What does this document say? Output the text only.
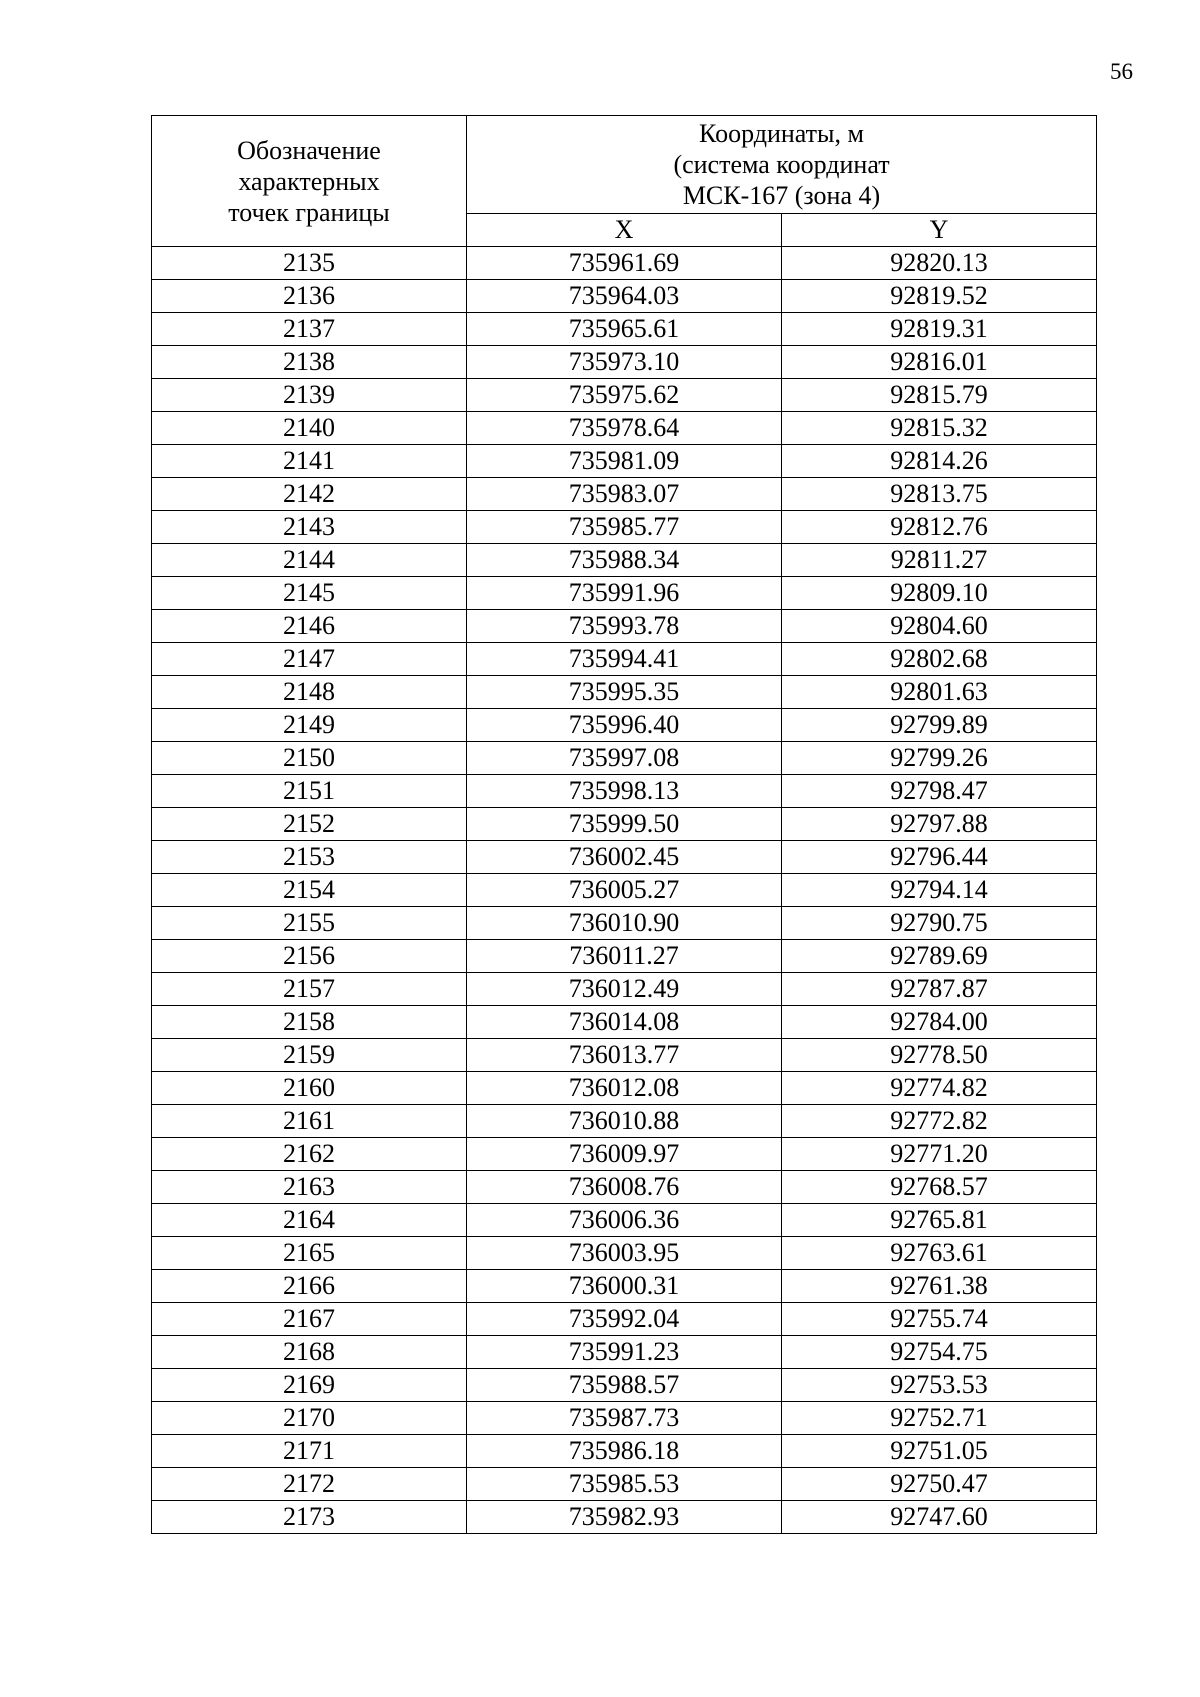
56
Обозначение
характерных
точек границы	Координаты, м
(система координат
МСК-167 (зона 4)	

	X	Y
2135	735961.69	92820.13
2136	735964.03	92819.52
2137	735965.61	92819.31
2138	735973.10	92816.01
2139	735975.62	92815.79
2140	735978.64	92815.32
2141	735981.09	92814.26
2142	735983.07	92813.75
2143	735985.77	92812.76
2144	735988.34	92811.27
2145	735991.96	92809.10
2146	735993.78	92804.60
2147	735994.41	92802.68
2148	735995.35	92801.63
2149	735996.40	92799.89
2150	735997.08	92799.26
2151	735998.13	92798.47
2152	735999.50	92797.88
2153	736002.45	92796.44
2154	736005.27	92794.14
2155	736010.90	92790.75
2156	736011.27	92789.69
2157	736012.49	92787.87
2158	736014.08	92784.00
2159	736013.77	92778.50
2160	736012.08	92774.82
2161	736010.88	92772.82
2162	736009.97	92771.20
2163	736008.76	92768.57
2164	736006.36	92765.81
2165	736003.95	92763.61
2166	736000.31	92761.38
2167	735992.04	92755.74
2168	735991.23	92754.75
2169	735988.57	92753.53
2170	735987.73	92752.71
2171	735986.18	92751.05
2172	735985.53	92750.47
2173	735982.93	92747.60
